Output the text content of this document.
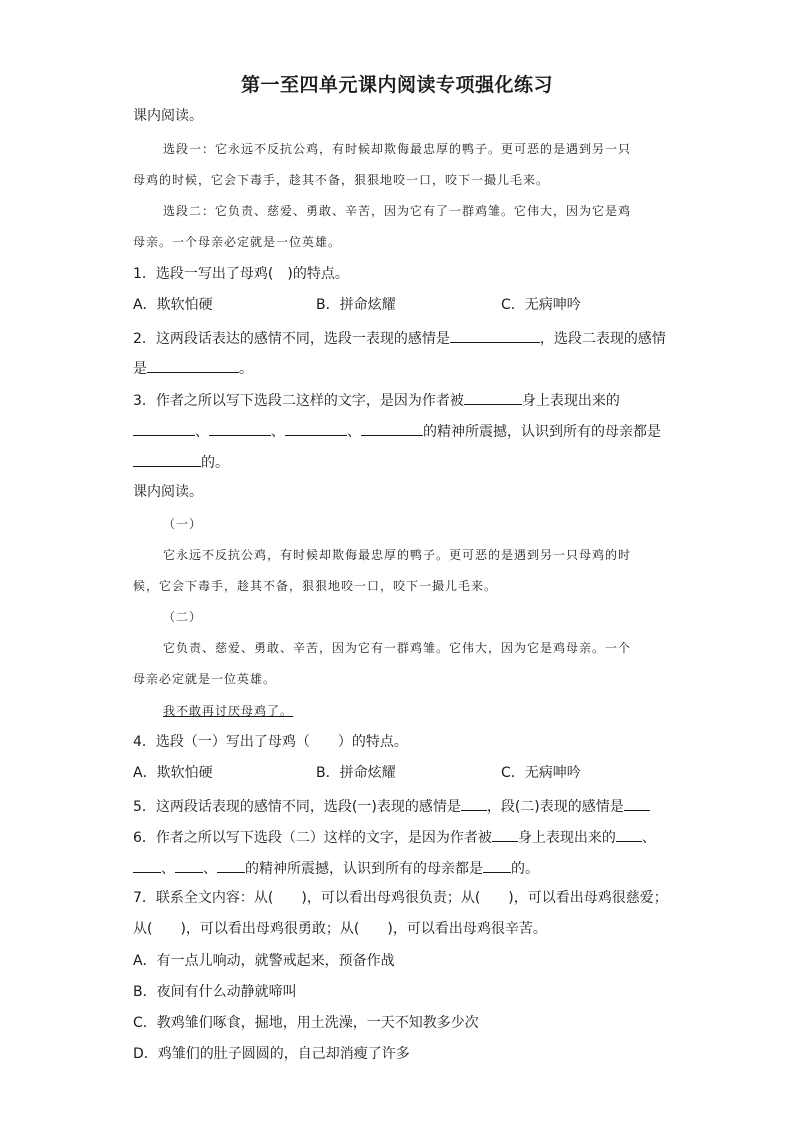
第一至四单元课内阅读专项强化练习
课内阅读。
选段一：它永远不反抗公鸡，有时候却欺侮最忠厚的鸭子。更可恶的是遇到另一只
母鸡的时候，它会下毒手，趁其不备，狠狠地咬一口，咬下一撮儿毛来。
选段二：它负责、慈爱、勇敢、辛苦，因为它有了一群鸡雏。它伟大，因为它是鸡
母亲。一个母亲必定就是一位英雄。
1．选段一写出了母鸡(　)的特点。
A．欺软怕硬	B．拼命炫耀	C．无病呻吟
2．这两段话表达的感情不同，选段一表现的感情是	，选段二表现的感情
是	。
3．作者之所以写下选段二这样的文字，是因为作者被	身上表现出来的
、	、	、	的精神所震撼，认识到所有的母亲都是
的。
课内阅读。
（一）
它永远不反抗公鸡，有时候却欺侮最忠厚的鸭子。更可恶的是遇到另一只母鸡的时
候，它会下毒手，趁其不备，狠狠地咬一口，咬下一撮儿毛来。
（二）
它负责、慈爱、勇敢、辛苦，因为它有一群鸡雏。它伟大，因为它是鸡母亲。一个
母亲必定就是一位英雄。
我不敢再讨厌母鸡了。
4．选段（一）写出了母鸡（　　）的特点。
A．欺软怕硬	B．拼命炫耀	C．无病呻吟
5．这两段话表现的感情不同，选段(一)表现的感情是 ，段(二)表现的感情是
6．作者之所以写下选段（二）这样的文字，是因为作者被 身上表现出来的 、
、 、 的精神所震撼，认识到所有的母亲都是 的。
7．联系全文内容：从(　　)，可以看出母鸡很负责；从(　　)，可以看出母鸡很慈爱；
从(　　)，可以看出母鸡很勇敢；从(　　)，可以看出母鸡很辛苦。
A．有一点儿响动，就警戒起来，预备作战
B．夜间有什么动静就啼叫
C．教鸡雏们啄食，掘地，用土洗澡，一天不知教多少次
D．鸡雏们的肚子圆圆的，自己却消瘦了许多
